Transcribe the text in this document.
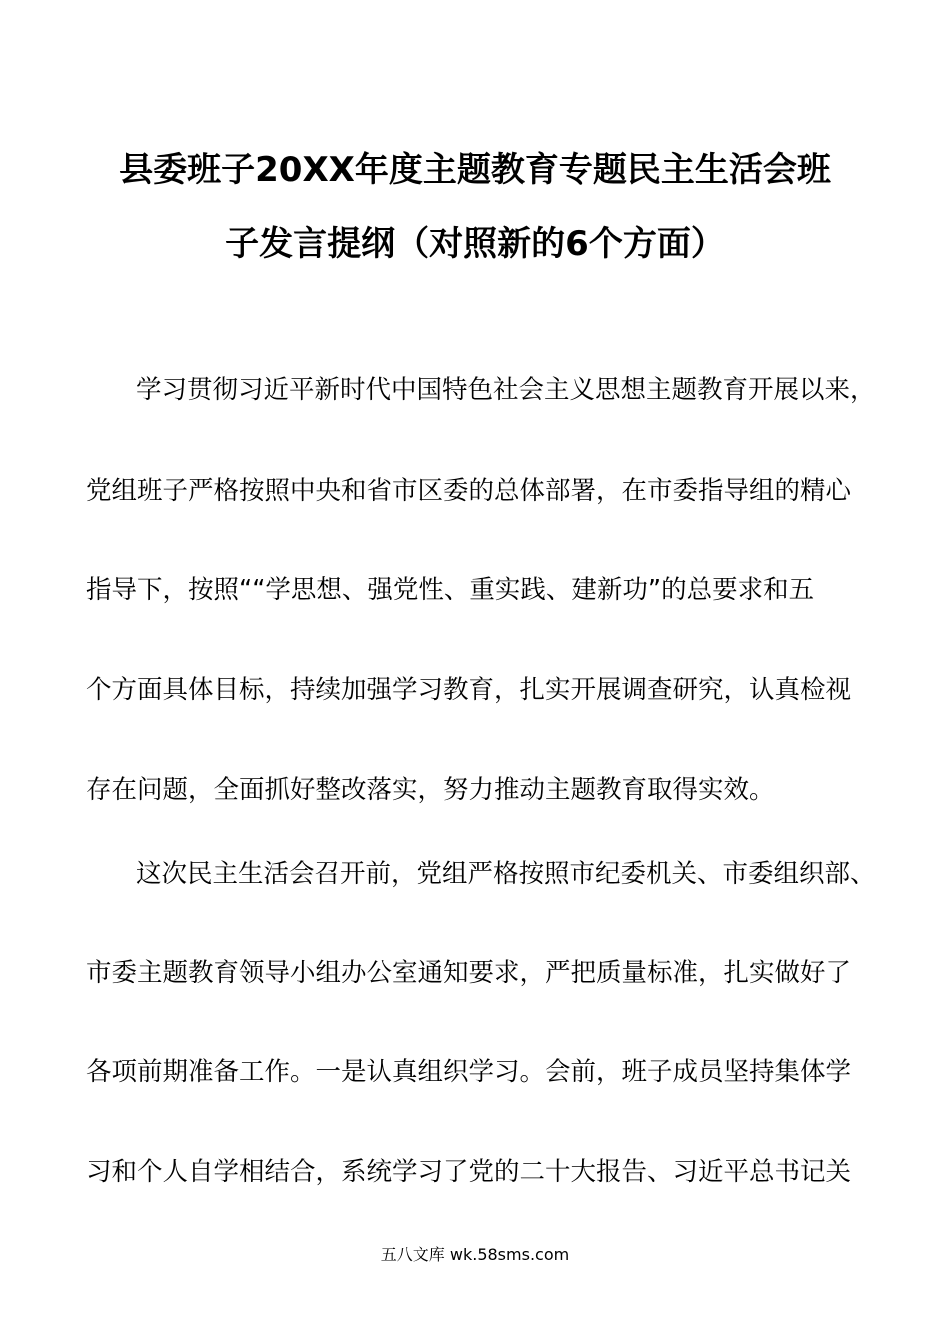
县委班子20XX年度主题教育专题民主生活会班
子发言提纲（对照新的6个方面）
学习贯彻习近平新时代中国特色社会主义思想主题教育开展以来，
党组班子严格按照中央和省市区委的总体部署，在市委指导组的精心
指导下，按照““学思想、强党性、重实践、建新功”的总要求和五
个方面具体目标，持续加强学习教育，扎实开展调查研究，认真检视
存在问题，全面抓好整改落实，努力推动主题教育取得实效。
这次民主生活会召开前，党组严格按照市纪委机关、市委组织部、
市委主题教育领导小组办公室通知要求，严把质量标准，扎实做好了
各项前期准备工作。一是认真组织学习。会前，班子成员坚持集体学
习和个人自学相结合，系统学习了党的二十大报告、习近平总书记关
五八文库 wk.58sms.com
